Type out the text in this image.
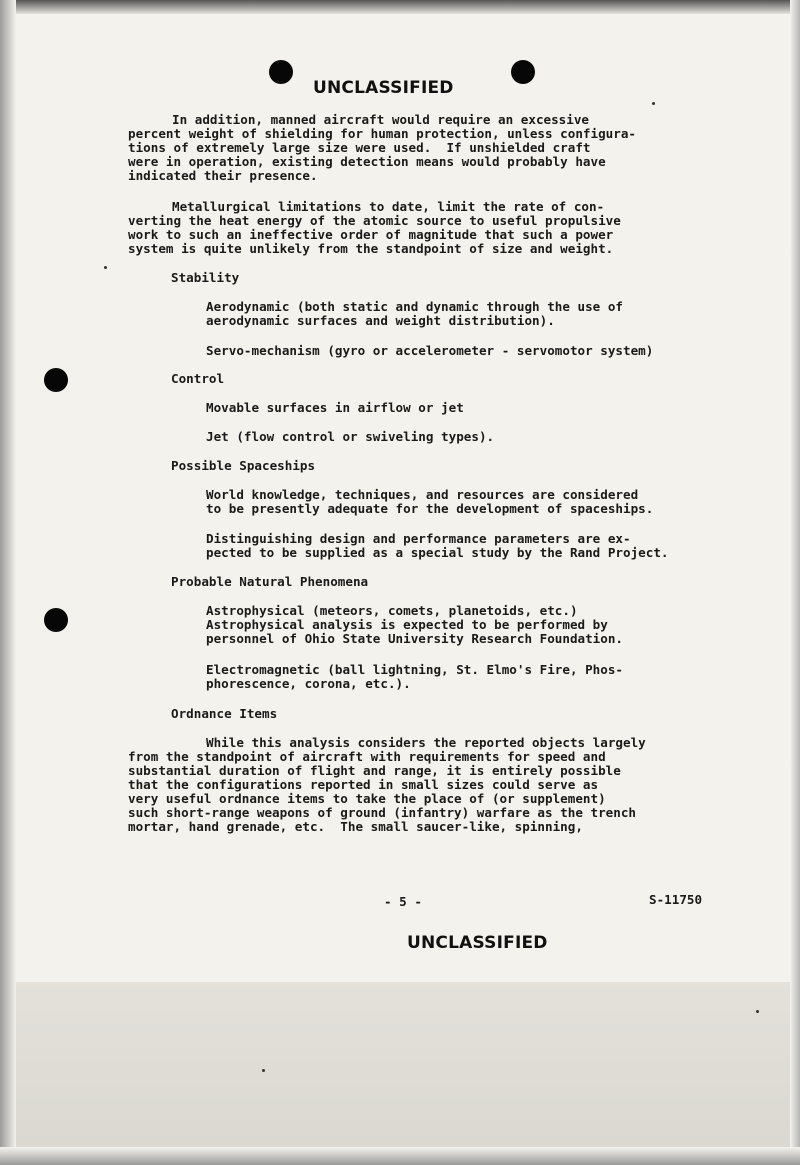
UNCLASSIFIED
In addition, manned aircraft would require an excessive
percent weight of shielding for human protection, unless configura-
tions of extremely large size were used.  If unshielded craft
were in operation, existing detection means would probably have
indicated their presence.
Metallurgical limitations to date, limit the rate of con-
verting the heat energy of the atomic source to useful propulsive
work to such an ineffective order of magnitude that such a power
system is quite unlikely from the standpoint of size and weight.
Stability
Aerodynamic (both static and dynamic through the use of
aerodynamic surfaces and weight distribution).
Servo-mechanism (gyro or accelerometer - servomotor system)
Control
Movable surfaces in airflow or jet
Jet (flow control or swiveling types).
Possible Spaceships
World knowledge, techniques, and resources are considered
to be presently adequate for the development of spaceships.
Distinguishing design and performance parameters are ex-
pected to be supplied as a special study by the Rand Project.
Probable Natural Phenomena
Astrophysical (meteors, comets, planetoids, etc.)
Astrophysical analysis is expected to be performed by
personnel of Ohio State University Research Foundation.
Electromagnetic (ball lightning, St. Elmo's Fire, Phos-
phorescence, corona, etc.).
Ordnance Items
While this analysis considers the reported objects largely
from the standpoint of aircraft with requirements for speed and
substantial duration of flight and range, it is entirely possible
that the configurations reported in small sizes could serve as
very useful ordnance items to take the place of (or supplement)
such short-range weapons of ground (infantry) warfare as the trench
mortar, hand grenade, etc.  The small saucer-like, spinning,
- 5 -	S-11750
UNCLASSIFIED
